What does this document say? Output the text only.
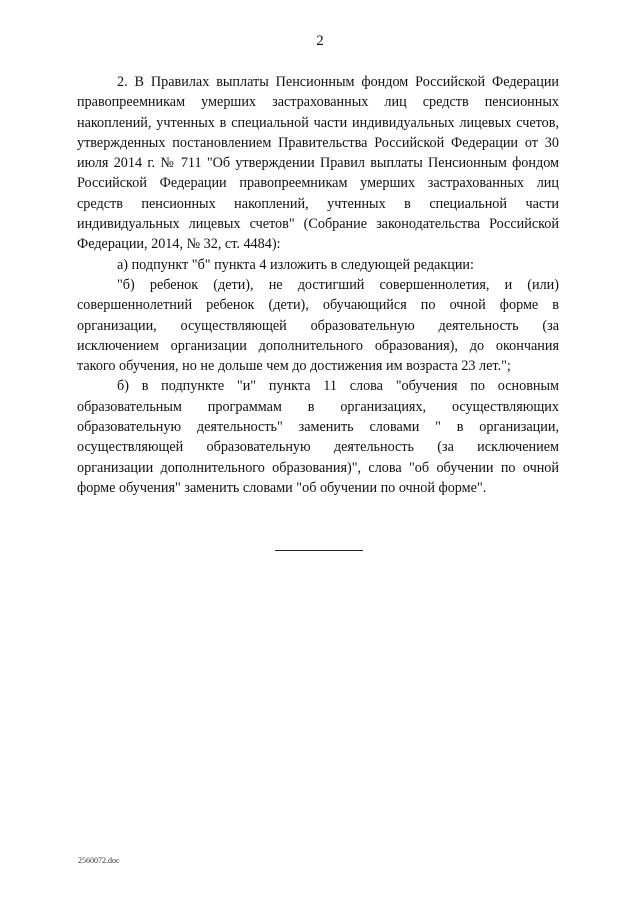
2

2. В Правилах выплаты Пенсионным фондом Российской Федерации правопреемникам умерших застрахованных лиц средств пенсионных накоплений, учтенных в специальной части индивидуальных лицевых счетов, утвержденных постановлением Правительства Российской Федерации от 30 июля 2014 г. № 711 "Об утверждении Правил выплаты Пенсионным фондом Российской Федерации правопреемникам умерших застрахованных лиц средств пенсионных накоплений, учтенных в специальной части индивидуальных лицевых счетов" (Собрание законодательства Российской Федерации, 2014, № 32, ст. 4484):

а) подпункт "б" пункта 4 изложить в следующей редакции:

"б) ребенок (дети), не достигший совершеннолетия, и (или) совершеннолетний ребенок (дети), обучающийся по очной форме в организации, осуществляющей образовательную деятельность (за исключением организации дополнительного образования), до окончания такого обучения, но не дольше чем до достижения им возраста 23 лет.";

б) в подпункте "и" пункта 11 слова "обучения по основным образовательным программам в организациях, осуществляющих образовательную деятельность" заменить словами " в организации, осуществляющей образовательную деятельность (за исключением организации дополнительного образования)", слова "об обучении по очной форме обучения" заменить словами "об обучении по очной форме".

2560072.doc
